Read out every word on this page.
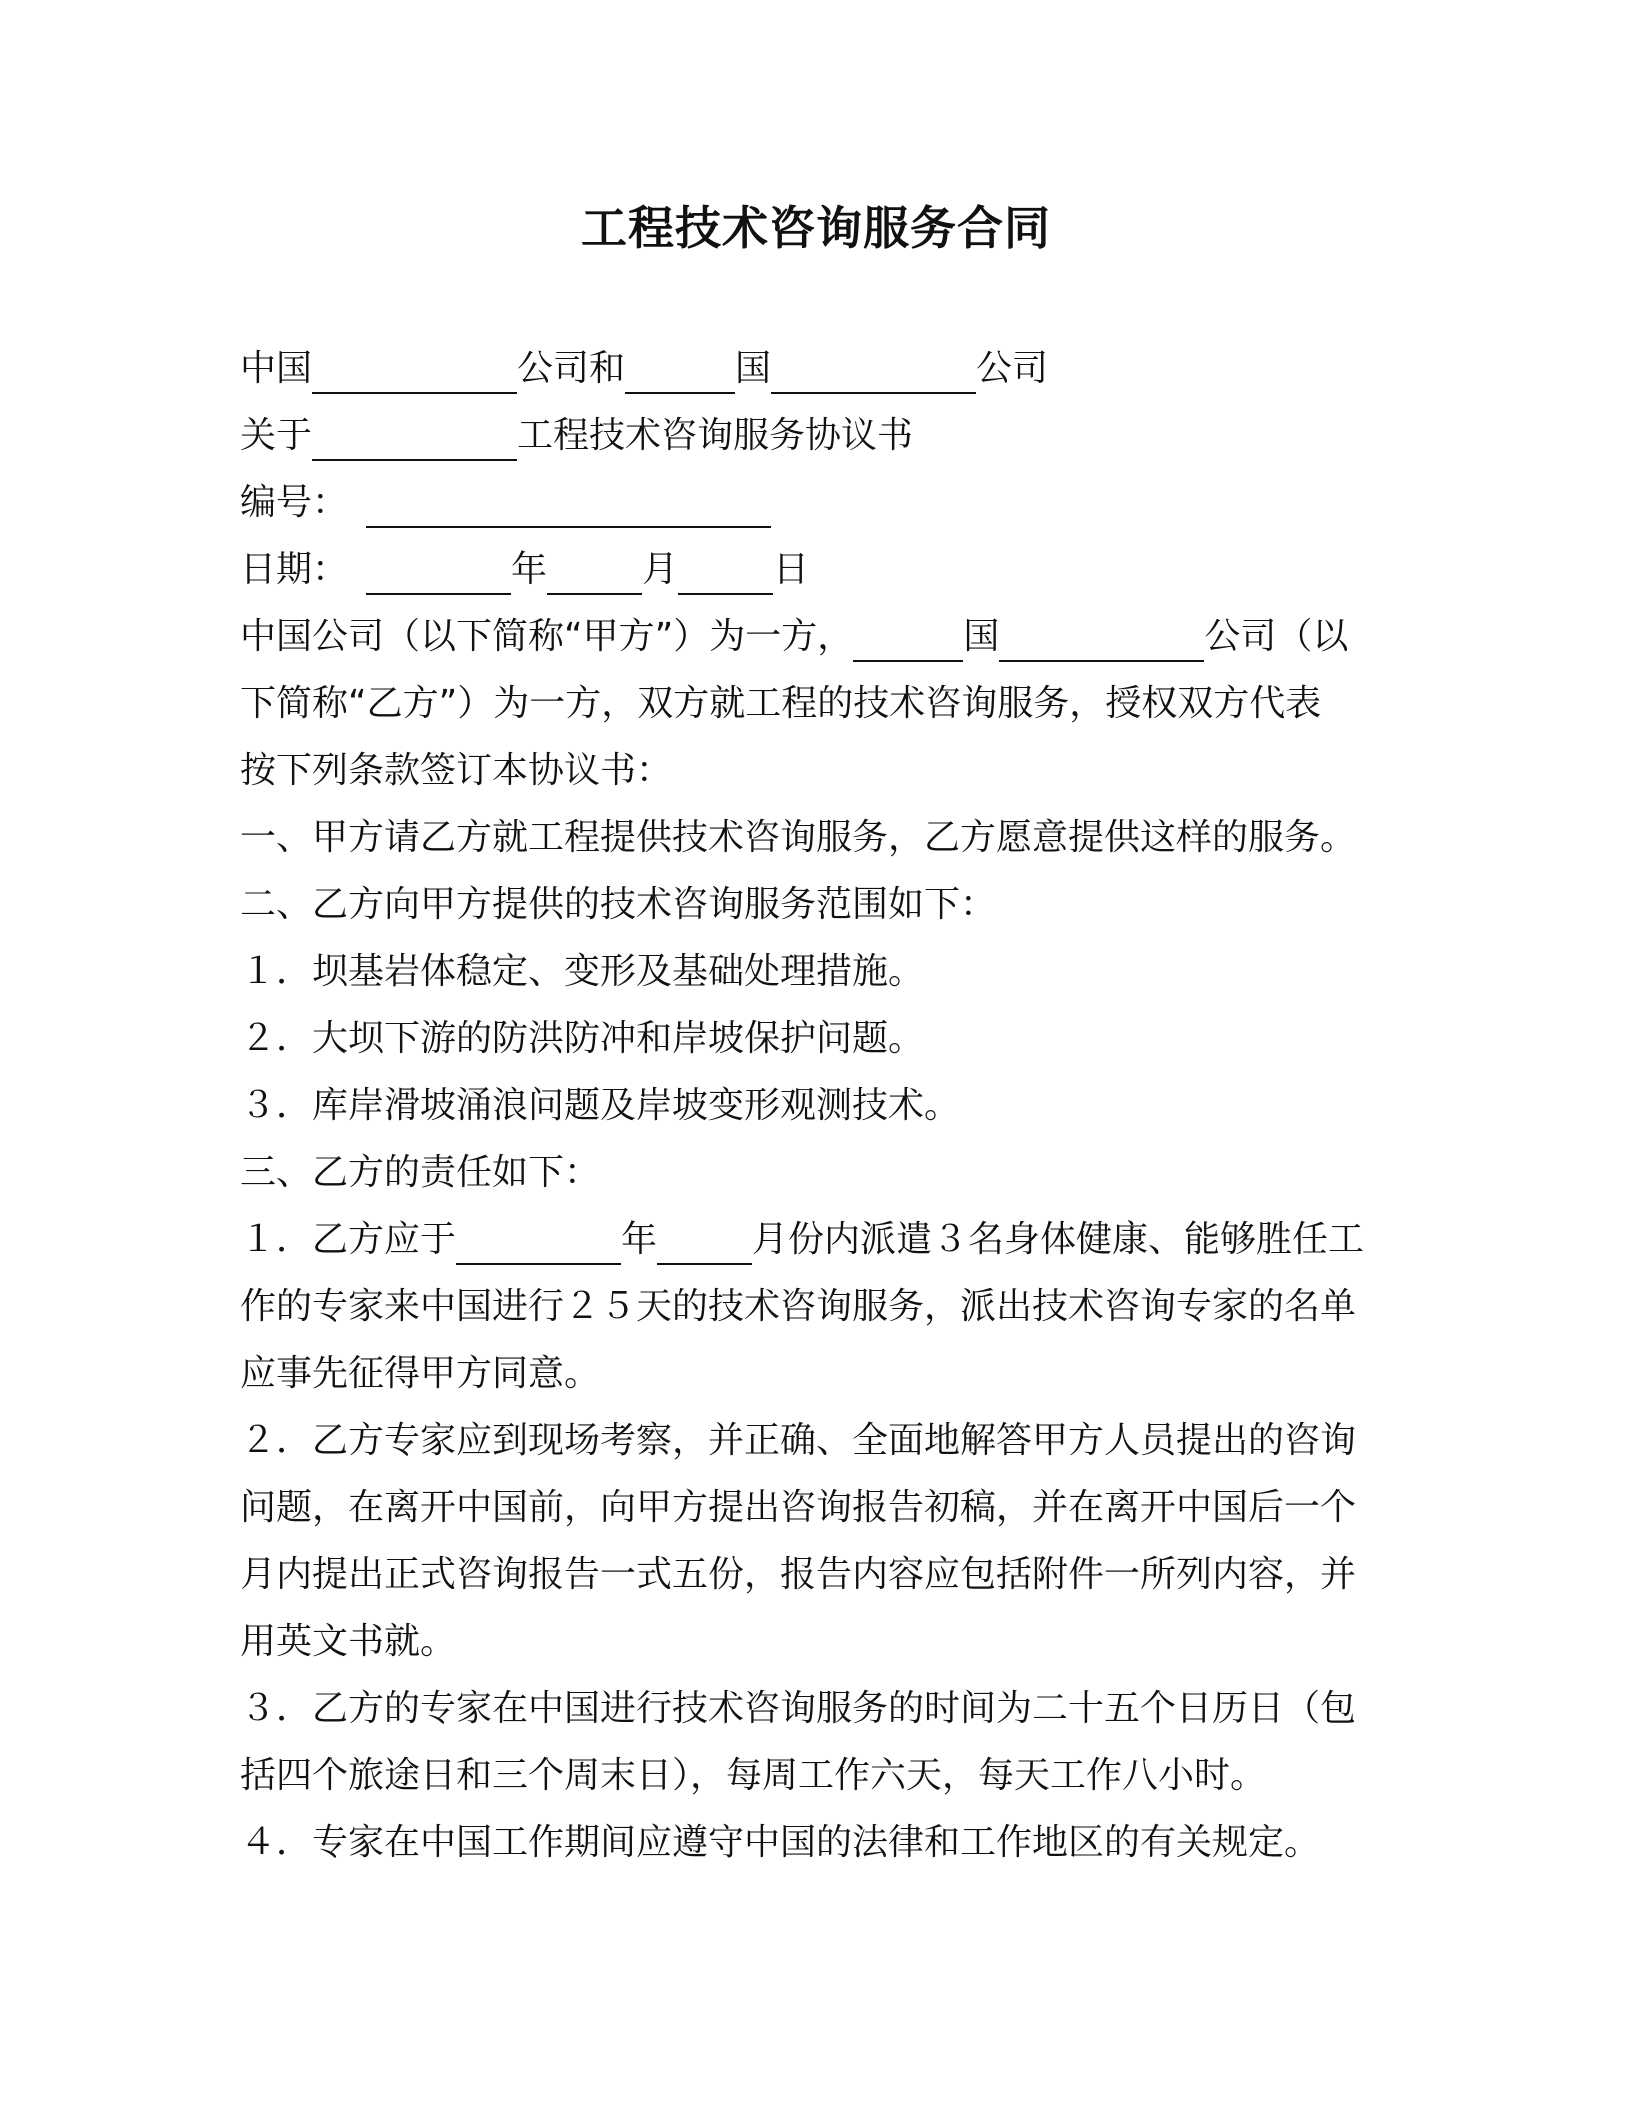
工程技术咨询服务合同
中国	公司和	国	公司
关于	工程技术咨询服务协议书
编号：
日期：	年	月	日
中国公司（以下简称“甲方”）为一方，	国	公司（以
下简称“乙方”）为一方，双方就工程的技术咨询服务，授权双方代表
按下列条款签订本协议书：
一、甲方请乙方就工程提供技术咨询服务，乙方愿意提供这样的服务。
二、乙方向甲方提供的技术咨询服务范围如下：
１．坝基岩体稳定、变形及基础处理措施。
２．大坝下游的防洪防冲和岸坡保护问题。
３．库岸滑坡涌浪问题及岸坡变形观测技术。
三、乙方的责任如下：
１．乙方应于	年	月份内派遣３名身体健康、能够胜任工
作的专家来中国进行２５天的技术咨询服务，派出技术咨询专家的名单
应事先征得甲方同意。
２．乙方专家应到现场考察，并正确、全面地解答甲方人员提出的咨询
问题，在离开中国前，向甲方提出咨询报告初稿，并在离开中国后一个
月内提出正式咨询报告一式五份，报告内容应包括附件一所列内容，并
用英文书就。
３．乙方的专家在中国进行技术咨询服务的时间为二十五个日历日（包
括四个旅途日和三个周末日），每周工作六天，每天工作八小时。
４．专家在中国工作期间应遵守中国的法律和工作地区的有关规定。
